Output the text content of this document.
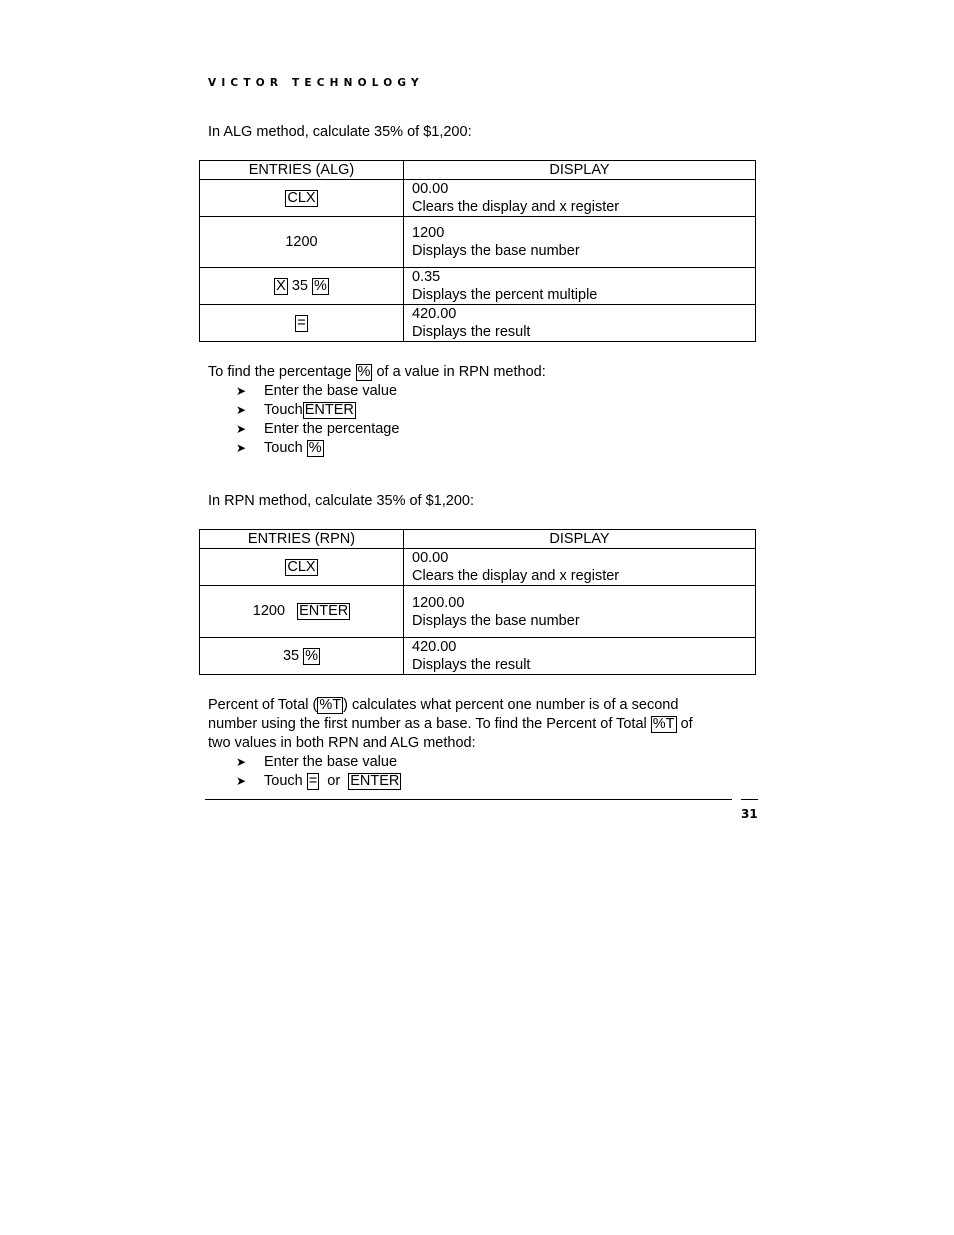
VICTOR TECHNOLOGY

In ALG method, calculate 35% of $1,200:

ENTRIES (ALG)	DISPLAY
CLX	00.00
Clears the display and x register

1200	1200
Displays the base number

X 35 %	0.35
Displays the percent multiple

=	420.00
Displays the result

To find the percentage % of a value in RPN method:

➤ Enter the base value
➤ Touch ENTER
➤ Enter the percentage
➤ Touch %

In RPN method, calculate 35% of $1,200:

ENTRIES (RPN)	DISPLAY
CLX	00.00
Clears the display and x register

1200 ENTER	1200.00
Displays the base number

35 %	420.00
Displays the result

Percent of Total ( %T ) calculates what percent one number is of a second
number using the first number as a base. To find the Percent of Total %T of
two values in both RPN and ALG method:

➤ Enter the base value
➤ Touch = or ENTER
31
